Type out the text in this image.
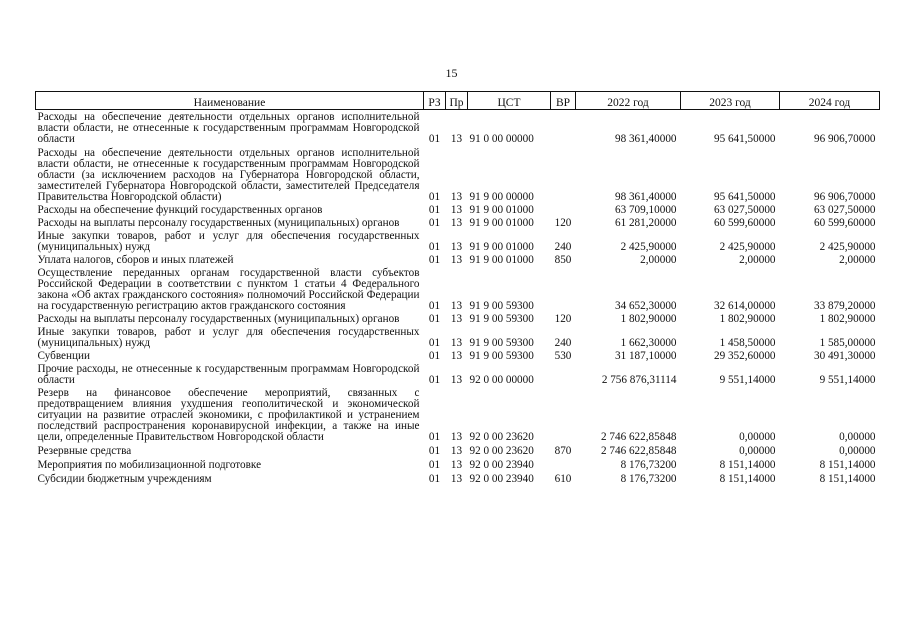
15
Наименование	РЗ	Пр	ЦСТ	ВР	2022 год	2023 год	2024 год

Расходы на обеспечение деятельности отдельных органов исполнительной власти области, не отнесенные к государственным программам Новгородской области	01	13	91 0 00 00000		98 361,40000	95 641,50000	96 906,70000

Расходы на обеспечение деятельности отдельных органов исполнительной власти области, не отнесенные к государственным программам Новгородской области (за исключением расходов на Губернатора Новгородской области, заместителей Губернатора Новгородской области, заместителей Председателя Правительства Новгородской области)	01	13	91 9 00 00000		98 361,40000	95 641,50000	96 906,70000

Расходы на обеспечение функций государственных органов	01	13	91 9 00 01000		63 709,10000	63 027,50000	63 027,50000

Расходы на выплаты персоналу государственных (муниципальных) органов	01	13	91 9 00 01000	120	61 281,20000	60 599,60000	60 599,60000

Иные закупки товаров, работ и услуг для обеспечения государственных (муниципальных) нужд	01	13	91 9 00 01000	240	2 425,90000	2 425,90000	2 425,90000

Уплата налогов, сборов и иных платежей	01	13	91 9 00 01000	850	2,00000	2,00000	2,00000

Осуществление переданных органам государственной власти субъектов Российской Федерации в соответствии с пунктом 1 статьи 4 Федерального закона «Об актах гражданского состояния» полномочий Российской Федерации на государственную регистрацию актов гражданского состояния	01	13	91 9 00 59300		34 652,30000	32 614,00000	33 879,20000

Расходы на выплаты персоналу государственных (муниципальных) органов	01	13	91 9 00 59300	120	1 802,90000	1 802,90000	1 802,90000

Иные закупки товаров, работ и услуг для обеспечения государственных (муниципальных) нужд	01	13	91 9 00 59300	240	1 662,30000	1 458,50000	1 585,00000

Субвенции	01	13	91 9 00 59300	530	31 187,10000	29 352,60000	30 491,30000

Прочие расходы, не отнесенные к государственным программам Новгородской области	01	13	92 0 00 00000		2 756 876,31114	9 551,14000	9 551,14000

Резерв на финансовое обеспечение мероприятий, связанных с предотвращением влияния ухудшения геополитической и экономической ситуации на развитие отраслей экономики, с профилактикой и устранением последствий распространения коронавирусной инфекции, а также на иные цели, определенные Правительством Новгородской области	01	13	92 0 00 23620		2 746 622,85848	0,00000	0,00000

Резервные средства	01	13	92 0 00 23620	870	2 746 622,85848	0,00000	0,00000

Мероприятия по мобилизационной подготовке	01	13	92 0 00 23940		8 176,73200	8 151,14000	8 151,14000

Субсидии бюджетным учреждениям	01	13	92 0 00 23940	610	8 176,73200	8 151,14000	8 151,14000
